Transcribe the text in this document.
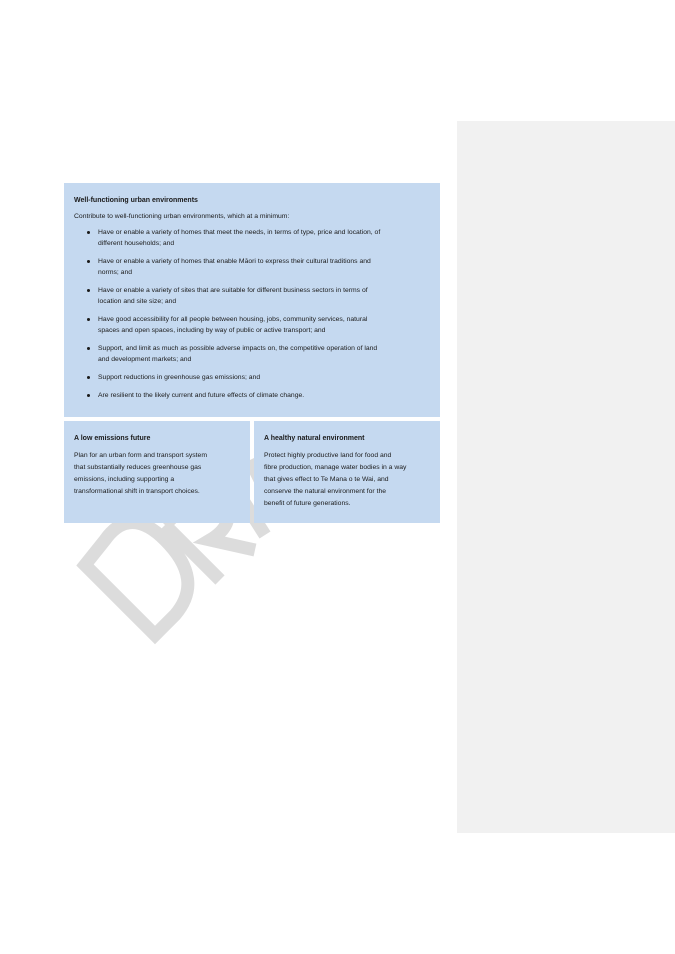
Well-functioning urban environments
Contribute to well-functioning urban environments, which at a minimum:
Have or enable a variety of homes that meet the needs, in terms of type, price and location, of
different households; and
Have or enable a variety of homes that enable Māori to express their cultural traditions and
norms; and
Have or enable a variety of sites that are suitable for different business sectors in terms of
location and site size; and
Have good accessibility for all people between housing, jobs, community services, natural
spaces and open spaces, including by way of public or active transport; and
Support, and limit as much as possible adverse impacts on, the competitive operation of land
and development markets; and
Support reductions in greenhouse gas emissions; and
Are resilient to the likely current and future effects of climate change.
A low emissions future

Plan for an urban form and transport system
that substantially reduces greenhouse gas
emissions, including supporting a
transformational shift in transport choices.

A healthy natural environment

Protect highly productive land for food and
fibre production, manage water bodies in a way
that gives effect to Te Mana o te Wai, and
conserve the natural environment for the
benefit of future generations.
